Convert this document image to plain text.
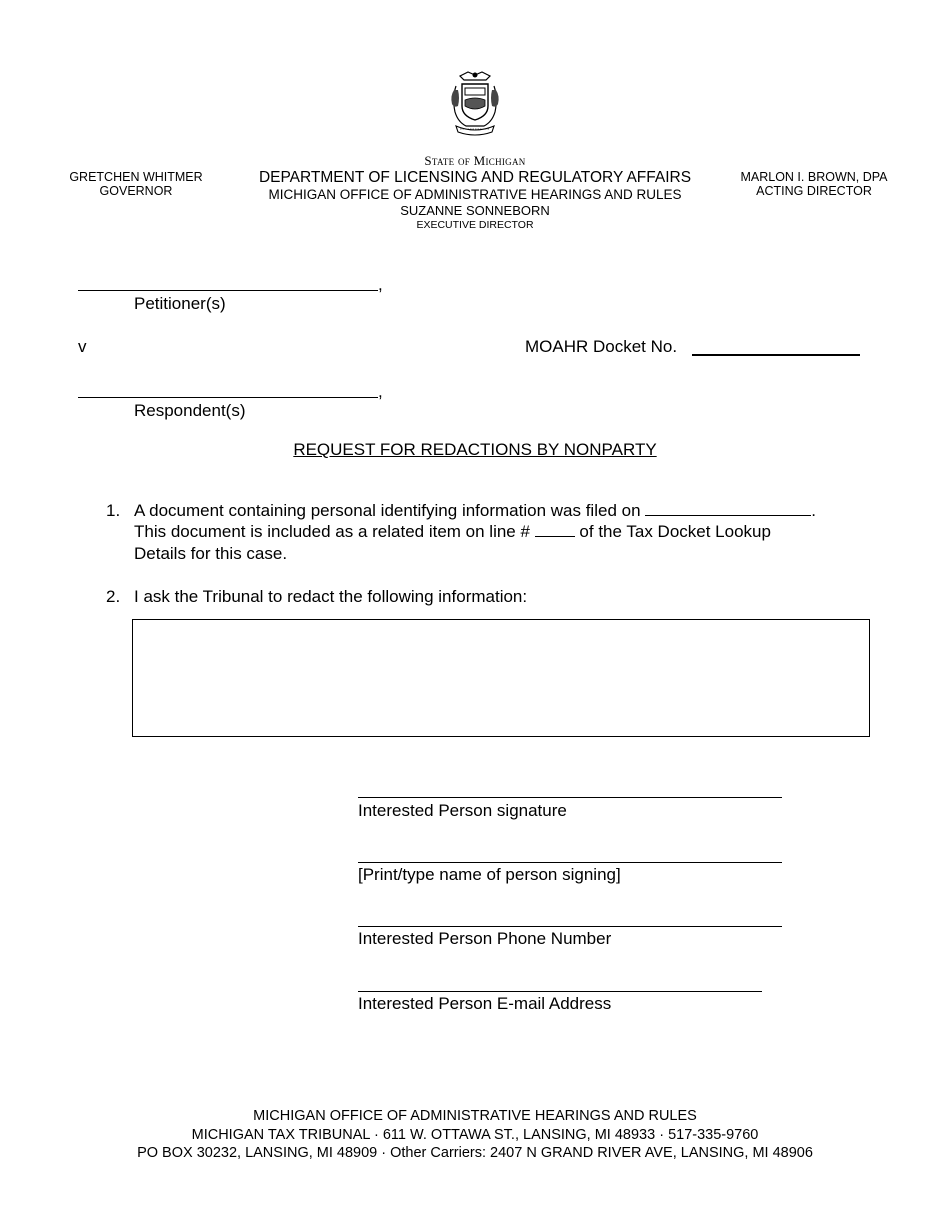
GRETCHEN WHITMER
GOVERNOR
State of Michigan
DEPARTMENT OF LICENSING AND REGULATORY AFFAIRS
MICHIGAN OFFICE OF ADMINISTRATIVE HEARINGS AND RULES
SUZANNE SONNEBORN
EXECUTIVE DIRECTOR
MARLON I. BROWN, DPA
ACTING DIRECTOR
,
Petitioner(s)
v	MOAHR Docket No.
,
Respondent(s)
REQUEST FOR REDACTIONS BY NONPARTY
1. A document containing personal identifying information was filed on	.
This document is included as a related item on line #	of the Tax Docket Lookup
Details for this case.
2. I ask the Tribunal to redact the following information:
Interested Person signature
[Print/type name of person signing]
Interested Person Phone Number
Interested Person E-mail Address
MICHIGAN OFFICE OF ADMINISTRATIVE HEARINGS AND RULES
MICHIGAN TAX TRIBUNAL · 611 W. OTTAWA ST., LANSING, MI 48933 · 517-335-9760
PO BOX 30232, LANSING, MI 48909 · Other Carriers: 2407 N GRAND RIVER AVE, LANSING, MI 48906
